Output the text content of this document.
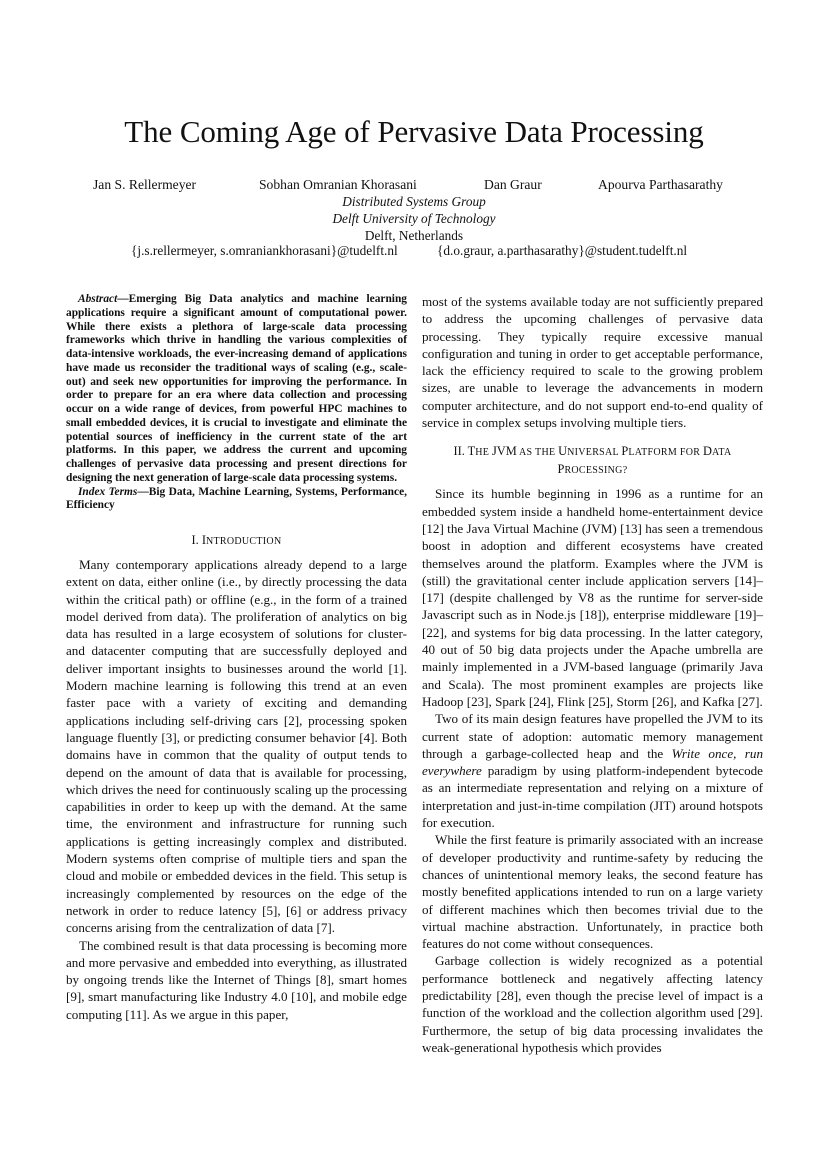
The Coming Age of Pervasive Data Processing
Jan S. Rellermeyer	Sobhan Omranian Khorasani	Dan Graur	Apourva Parthasarathy
Distributed Systems Group
Delft University of Technology
Delft, Netherlands
{j.s.rellermeyer, s.omraniankhorasani}@tudelft.nl	{d.o.graur, a.parthasarathy}@student.tudelft.nl

Abstract—Emerging Big Data analytics and machine learning applications require a significant amount of computational power. While there exists a plethora of large-scale data processing frameworks which thrive in handling the various complexities of data-intensive workloads, the ever-increasing demand of applications have made us reconsider the traditional ways of scaling (e.g., scale-out) and seek new opportunities for improving the performance. In order to prepare for an era where data collection and processing occur on a wide range of devices, from powerful HPC machines to small embedded devices, it is crucial to investigate and eliminate the potential sources of inefficiency in the current state of the art platforms. In this paper, we address the current and upcoming challenges of pervasive data processing and present directions for designing the next generation of large-scale data processing systems.

Index Terms—Big Data, Machine Learning, Systems, Performance, Efficiency

I. INTRODUCTION

Many contemporary applications already depend to a large extent on data, either online (i.e., by directly processing the data within the critical path) or offline (e.g., in the form of a trained model derived from data). The proliferation of analytics on big data has resulted in a large ecosystem of solutions for cluster- and datacenter computing that are successfully deployed and deliver important insights to businesses around the world [1]. Modern machine learning is following this trend at an even faster pace with a variety of exciting and demanding applications including self-driving cars [2], processing spoken language fluently [3], or predicting consumer behavior [4]. Both domains have in common that the quality of output tends to depend on the amount of data that is available for processing, which drives the need for continuously scaling up the processing capabilities in order to keep up with the demand. At the same time, the environment and infrastructure for running such applications is getting increasingly complex and distributed. Modern systems often comprise of multiple tiers and span the cloud and mobile or embedded devices in the field. This setup is increasingly complemented by resources on the edge of the network in order to reduce latency [5], [6] or address privacy concerns arising from the centralization of data [7].

The combined result is that data processing is becoming more and more pervasive and embedded into everything, as illustrated by ongoing trends like the Internet of Things [8], smart homes [9], smart manufacturing like Industry 4.0 [10], and mobile edge computing [11]. As we argue in this paper,

most of the systems available today are not sufficiently prepared to address the upcoming challenges of pervasive data processing. They typically require excessive manual configuration and tuning in order to get acceptable performance, lack the efficiency required to scale to the growing problem sizes, are unable to leverage the advancements in modern computer architecture, and do not support end-to-end quality of service in complex setups involving multiple tiers.

II. THE JVM AS THE UNIVERSAL PLATFORM FOR DATA
PROCESSING?

Since its humble beginning in 1996 as a runtime for an embedded system inside a handheld home-entertainment device [12] the Java Virtual Machine (JVM) [13] has seen a tremendous boost in adoption and different ecosystems have created themselves around the platform. Examples where the JVM is (still) the gravitational center include application servers [14]–[17] (despite challenged by V8 as the runtime for server-side Javascript such as in Node.js [18]), enterprise middleware [19]–[22], and systems for big data processing. In the latter category, 40 out of 50 big data projects under the Apache umbrella are mainly implemented in a JVM-based language (primarily Java and Scala). The most prominent examples are projects like Hadoop [23], Spark [24], Flink [25], Storm [26], and Kafka [27].

Two of its main design features have propelled the JVM to its current state of adoption: automatic memory management through a garbage-collected heap and the Write once, run everywhere paradigm by using platform-independent bytecode as an intermediate representation and relying on a mixture of interpretation and just-in-time compilation (JIT) around hotspots for execution.

While the first feature is primarily associated with an increase of developer productivity and runtime-safety by reducing the chances of unintentional memory leaks, the second feature has mostly benefited applications intended to run on a large variety of different machines which then becomes trivial due to the virtual machine abstraction. Unfortunately, in practice both features do not come without consequences.

Garbage collection is widely recognized as a potential performance bottleneck and negatively affecting latency predictability [28], even though the precise level of impact is a function of the workload and the collection algorithm used [29]. Furthermore, the setup of big data processing invalidates the weak-generational hypothesis which provides
